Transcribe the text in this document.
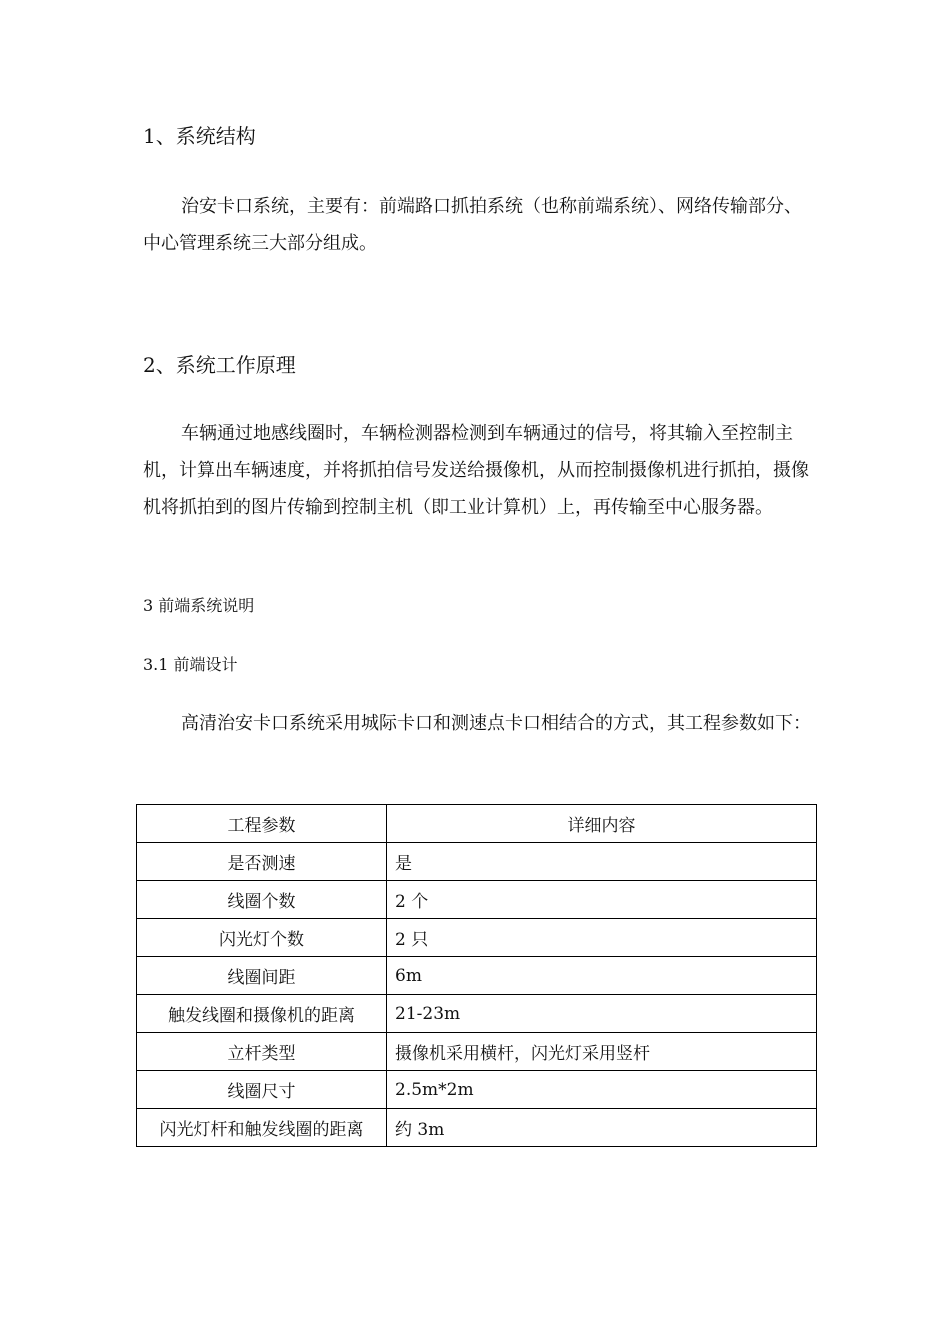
1、系统结构

治安卡口系统，主要有：前端路口抓拍系统（也称前端系统）、网络传输部分、中心管理系统三大部分组成。

2、系统工作原理

车辆通过地感线圈时，车辆检测器检测到车辆通过的信号，将其输入至控制主机，计算出车辆速度，并将抓拍信号发送给摄像机，从而控制摄像机进行抓拍，摄像机将抓拍到的图片传输到控制主机（即工业计算机）上，再传输至中心服务器。

3 前端系统说明
3.1 前端设计

高清治安卡口系统采用城际卡口和测速点卡口相结合的方式，其工程参数如下：

工程参数	详细内容
是否测速	是
线圈个数	2 个
闪光灯个数	2 只
线圈间距	6m
触发线圈和摄像机的距离	21-23m
立杆类型	摄像机采用横杆，闪光灯采用竖杆
线圈尺寸	2.5m*2m
闪光灯杆和触发线圈的距离	约 3m
